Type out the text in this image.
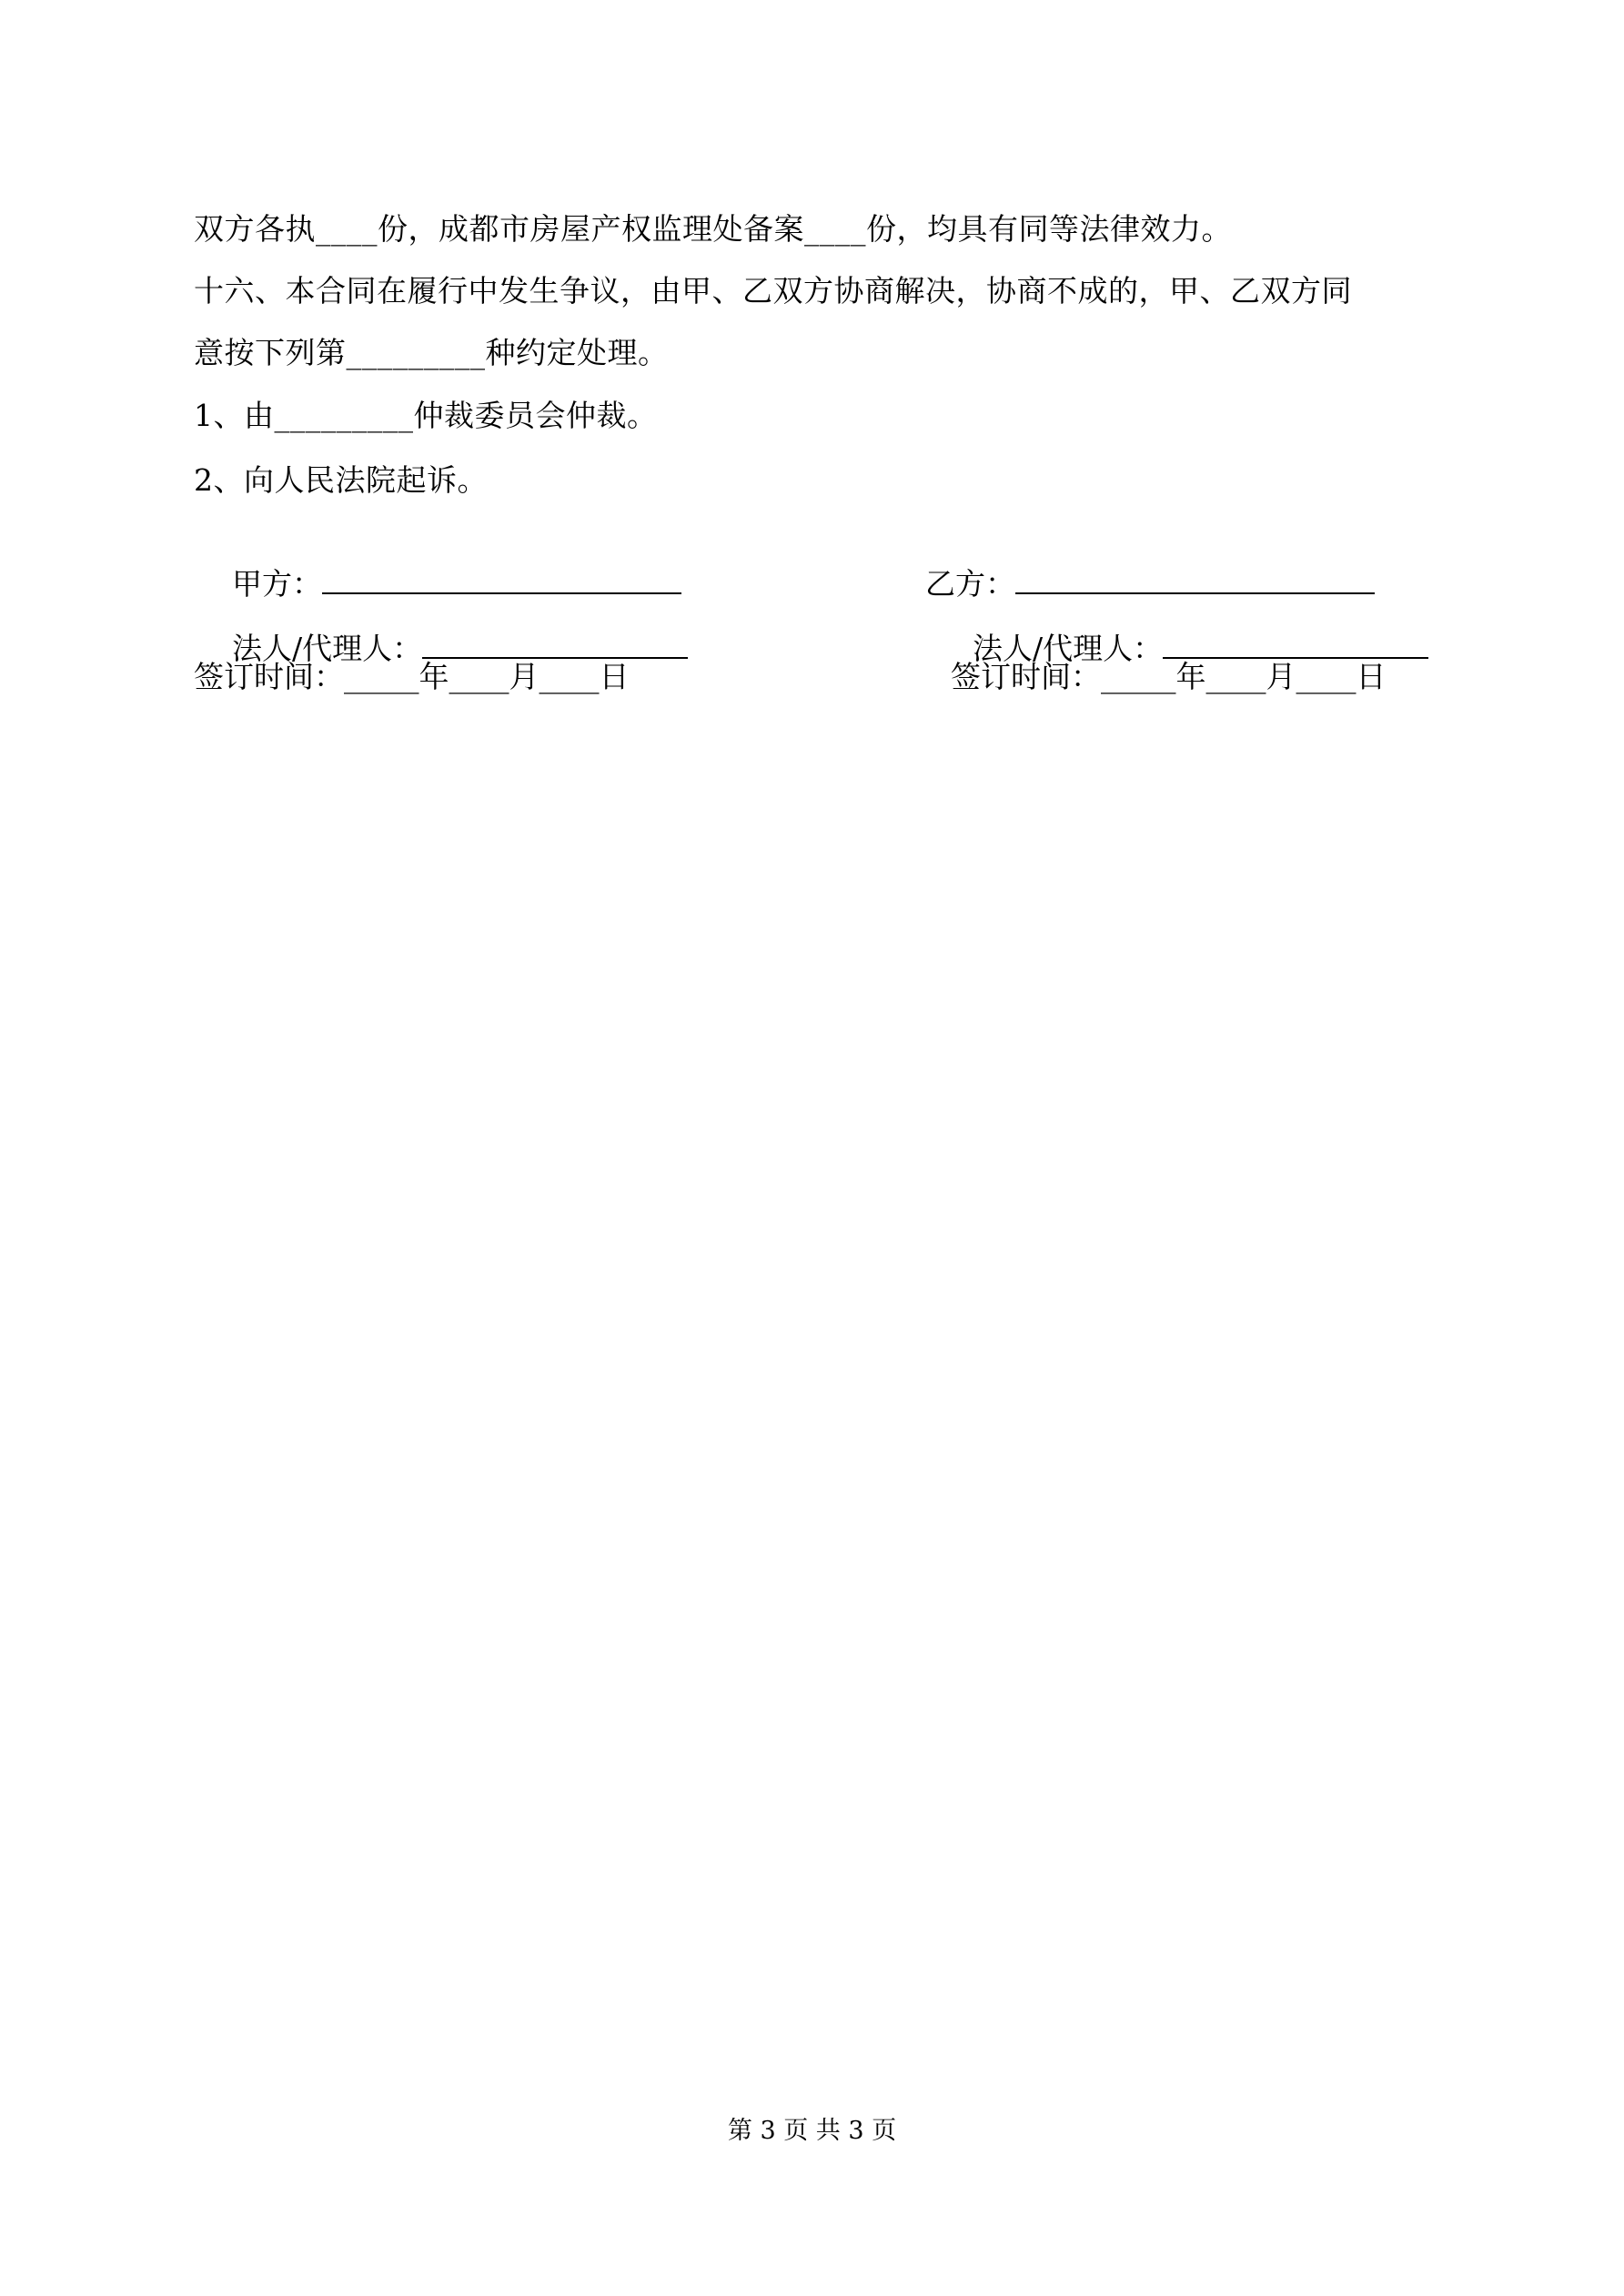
双方各执____份，成都市房屋产权监理处备案____份，均具有同等法律效力。
十六、本合同在履行中发生争议，由甲、乙双方协商解决，协商不成的，甲、乙双方同
意按下列第_________种约定处理。
1、由_________仲裁委员会仲裁。
2、向人民法院起诉。

甲方：
	乙方：

法人/代理人：
	法人/代理人：

签订时间：_____年____月____日	签订时间：_____年____月____日
第 3 页 共 3 页
